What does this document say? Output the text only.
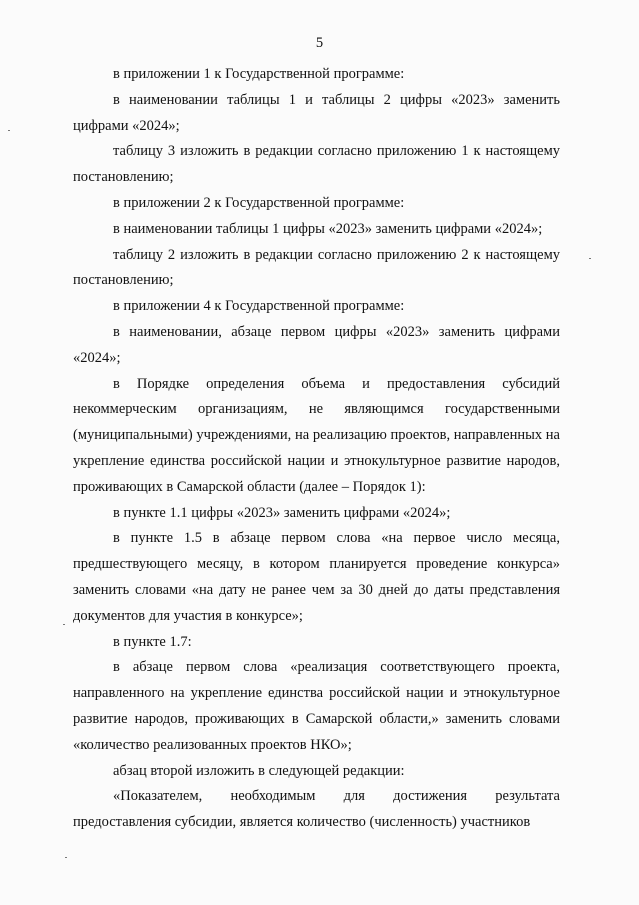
5

в приложении 1 к Государственной программе:

в наименовании таблицы 1 и таблицы 2 цифры «2023» заменить цифрами «2024»;

таблицу 3 изложить в редакции согласно приложению 1 к настоящему постановлению;

в приложении 2 к Государственной программе:

в наименовании таблицы 1 цифры «2023» заменить цифрами «2024»;

таблицу 2 изложить в редакции согласно приложению 2 к настоящему постановлению;

в приложении 4 к Государственной программе:

в наименовании, абзаце первом цифры «2023» заменить цифрами «2024»;

в Порядке определения объема и предоставления субсидий некоммерческим организациям, не являющимся государственными (муниципальными) учреждениями, на реализацию проектов, направленных на укрепление единства российской нации и этнокультурное развитие народов, проживающих в Самарской области (далее – Порядок 1):

в пункте 1.1 цифры «2023» заменить цифрами «2024»;

в пункте 1.5 в абзаце первом слова «на первое число месяца, предшествующего месяцу, в котором планируется проведение конкурса» заменить словами «на дату не ранее чем за 30 дней до даты представления документов для участия в конкурсе»;

в пункте 1.7:

в абзаце первом слова «реализация соответствующего проекта, направленного на укрепление единства российской нации и этнокультурное развитие народов, проживающих в Самарской области,» заменить словами «количество реализованных проектов НКО»;

абзац второй изложить в следующей редакции:

«Показателем, необходимым для достижения результата предоставления субсидии, является количество (численность) участников
